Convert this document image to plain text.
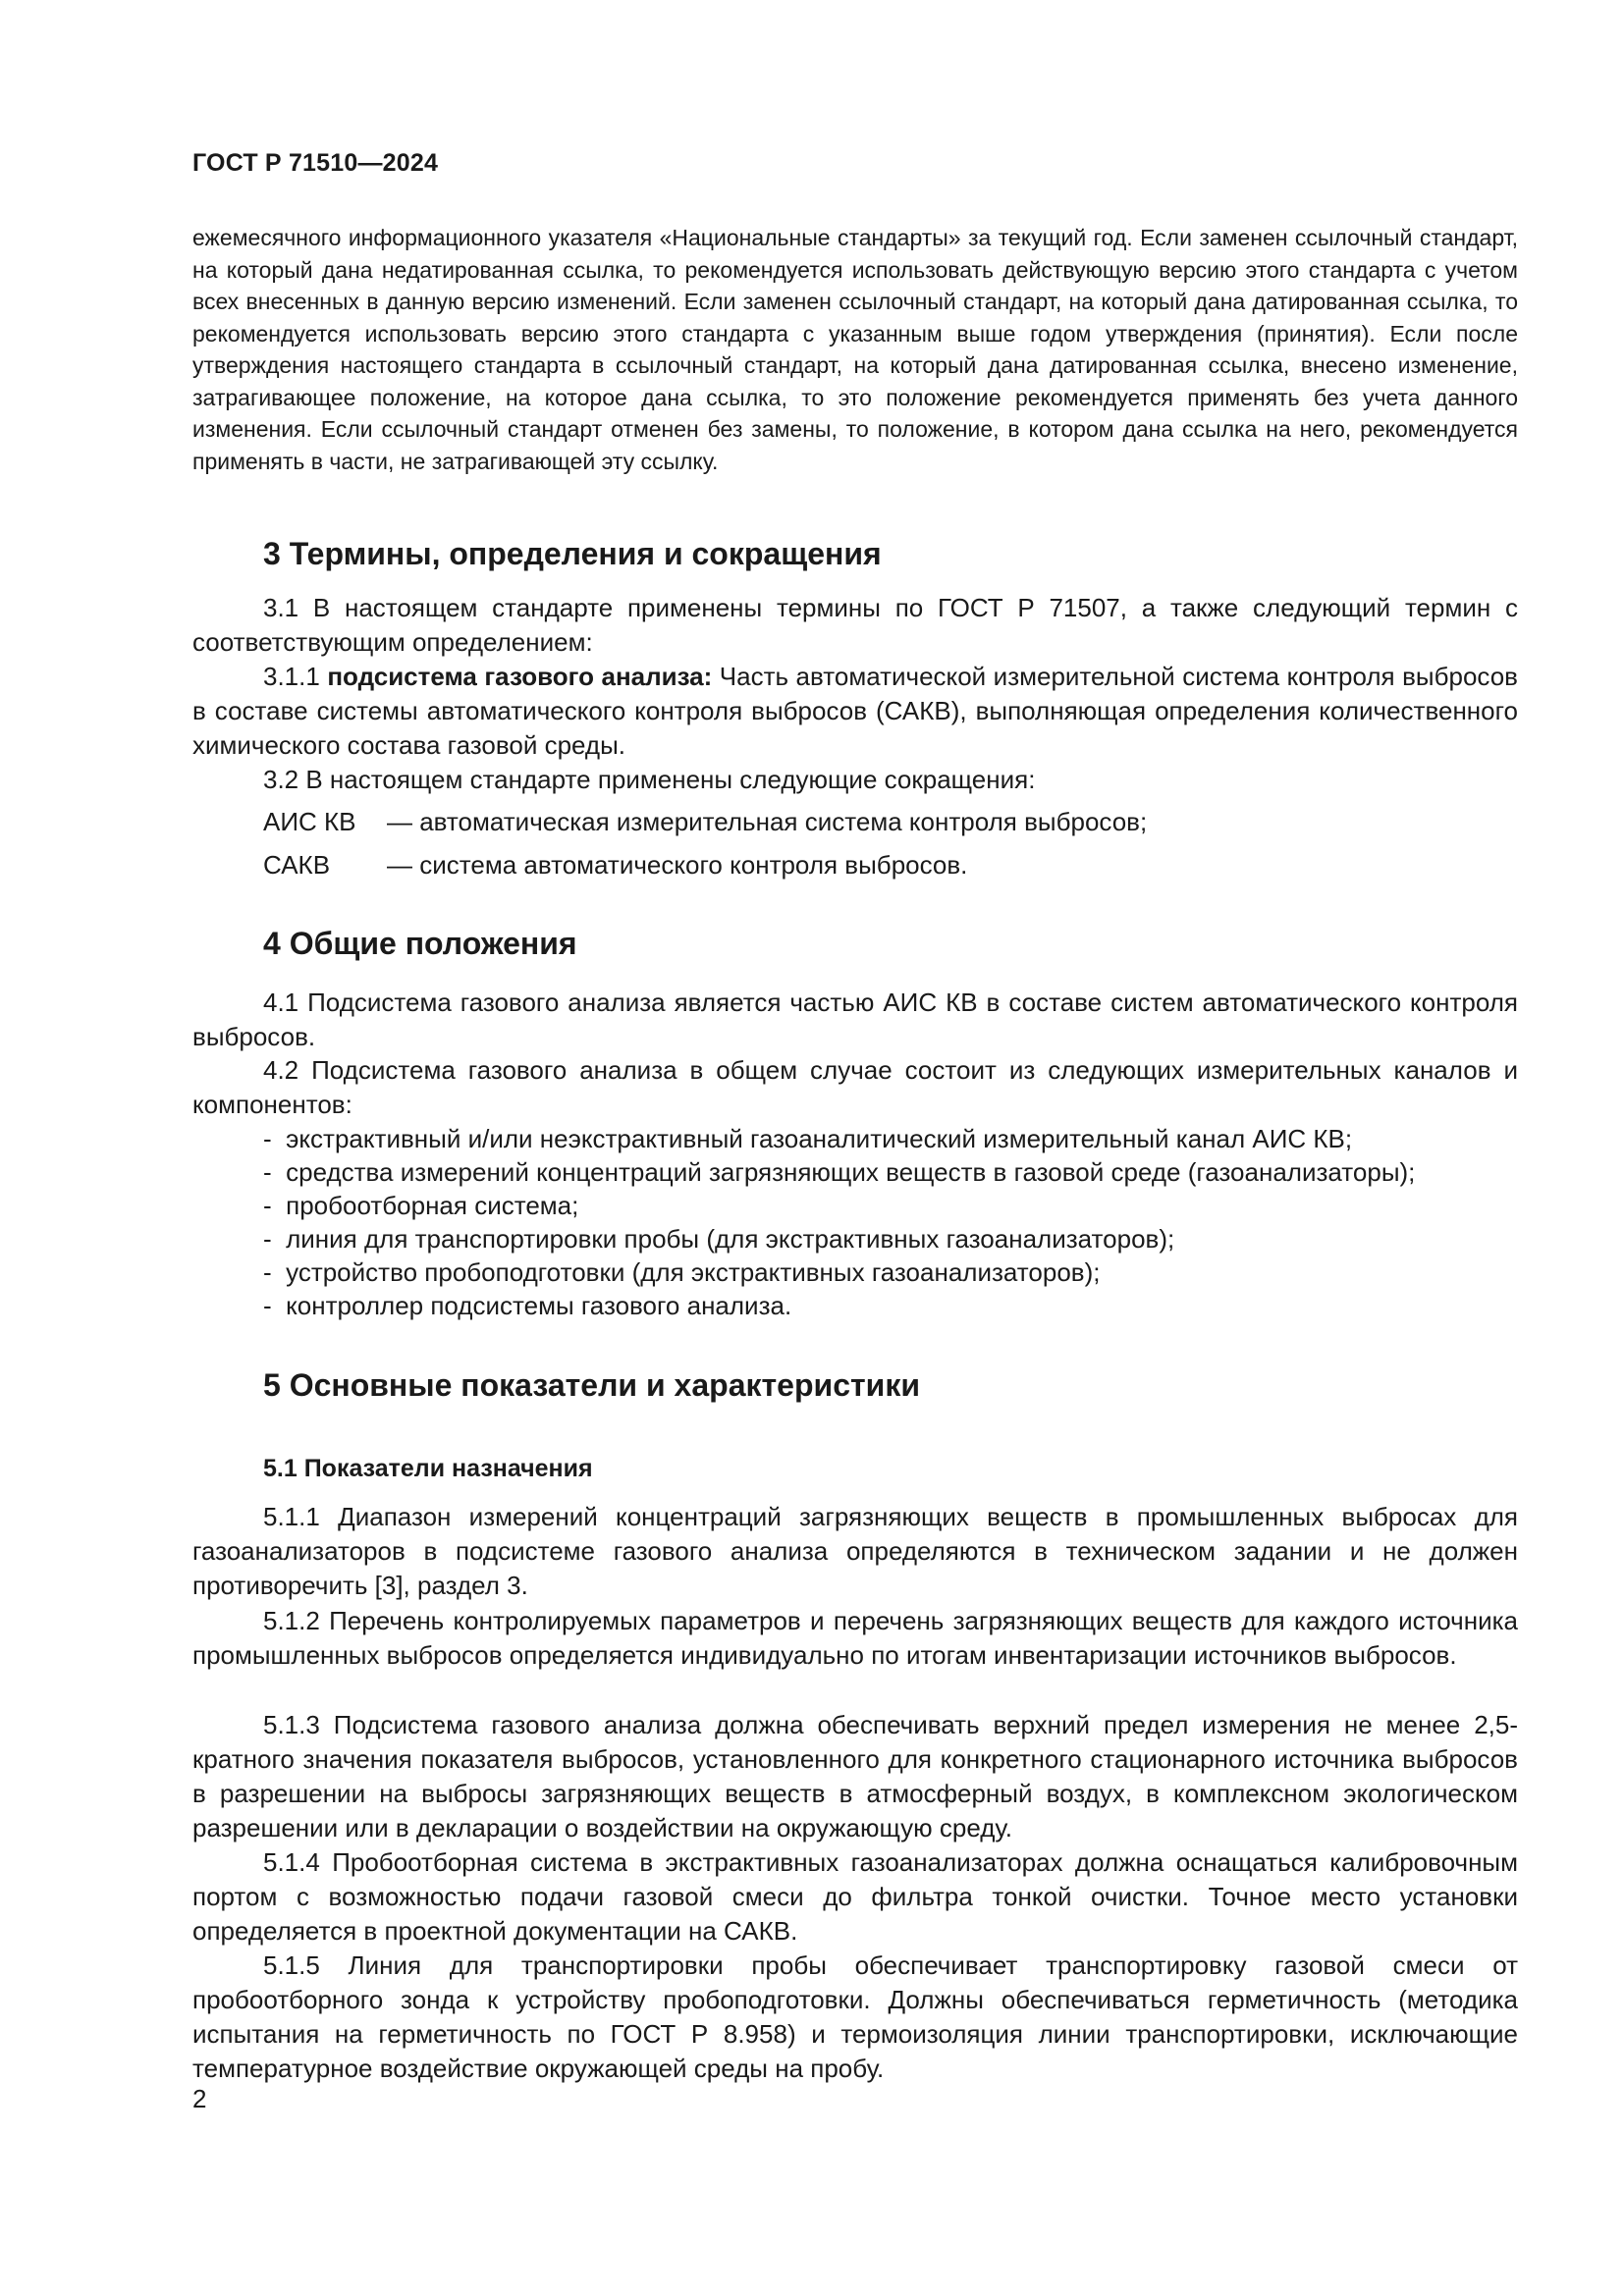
ГОСТ Р 71510—2024

ежемесячного информационного указателя «Национальные стандарты» за текущий год. Если заменен ссылочный стандарт, на который дана недатированная ссылка, то рекомендуется использовать действующую версию этого стандарта с учетом всех внесенных в данную версию изменений. Если заменен ссылочный стандарт, на который дана датированная ссылка, то рекомендуется использовать версию этого стандарта с указанным выше годом утверждения (принятия). Если после утверждения настоящего стандарта в ссылочный стандарт, на который дана датированная ссылка, внесено изменение, затрагивающее положение, на которое дана ссылка, то это положение рекомендуется применять без учета данного изменения. Если ссылочный стандарт отменен без замены, то положение, в котором дана ссылка на него, рекомендуется применять в части, не затрагивающей эту ссылку.

3 Термины, определения и сокращения

3.1 В настоящем стандарте применены термины по ГОСТ Р 71507, а также следующий термин с соответствующим определением:

3.1.1 подсистема газового анализа: Часть автоматической измерительной система контроля выбросов в составе системы автоматического контроля выбросов (САКВ), выполняющая определения количественного химического состава газовой среды.

3.2 В настоящем стандарте применены следующие сокращения:

АИС КВ — автоматическая измерительная система контроля выбросов;
САКВ — система автоматического контроля выбросов.
4 Общие положения

4.1 Подсистема газового анализа является частью АИС КВ в составе систем автоматического контроля выбросов.

4.2 Подсистема газового анализа в общем случае состоит из следующих измерительных каналов и компонентов:

-  экстрактивный и/или неэкстрактивный газоаналитический измерительный канал АИС КВ;
-  средства измерений концентраций загрязняющих веществ в газовой среде (газоанализаторы);
-  пробоотборная система;
-  линия для транспортировки пробы (для экстрактивных газоанализаторов);
-  устройство пробоподготовки (для экстрактивных газоанализаторов);
-  контроллер подсистемы газового анализа.
5 Основные показатели и характеристики
5.1 Показатели назначения

5.1.1 Диапазон измерений концентраций загрязняющих веществ в промышленных выбросах для газоанализаторов в подсистеме газового анализа определяются в техническом задании и не должен противоречить [3], раздел 3.

5.1.2 Перечень контролируемых параметров и перечень загрязняющих веществ для каждого источника промышленных выбросов определяется индивидуально по итогам инвентаризации источников выбросов.

5.1.3 Подсистема газового анализа должна обеспечивать верхний предел измерения не менее 2,5-кратного значения показателя выбросов, установленного для конкретного стационарного источника выбросов в разрешении на выбросы загрязняющих веществ в атмосферный воздух, в комплексном экологическом разрешении или в декларации о воздействии на окружающую среду.

5.1.4 Пробоотборная система в экстрактивных газоанализаторах должна оснащаться калибровочным портом с возможностью подачи газовой смеси до фильтра тонкой очистки. Точное место установки определяется в проектной документации на САКВ.

5.1.5 Линия для транспортировки пробы обеспечивает транспортировку газовой смеси от пробоотборного зонда к устройству пробоподготовки. Должны обеспечиваться герметичность (методика испытания на герметичность по ГОСТ Р 8.958) и термоизоляция линии транспортировки, исключающие температурное воздействие окружающей среды на пробу.

2
